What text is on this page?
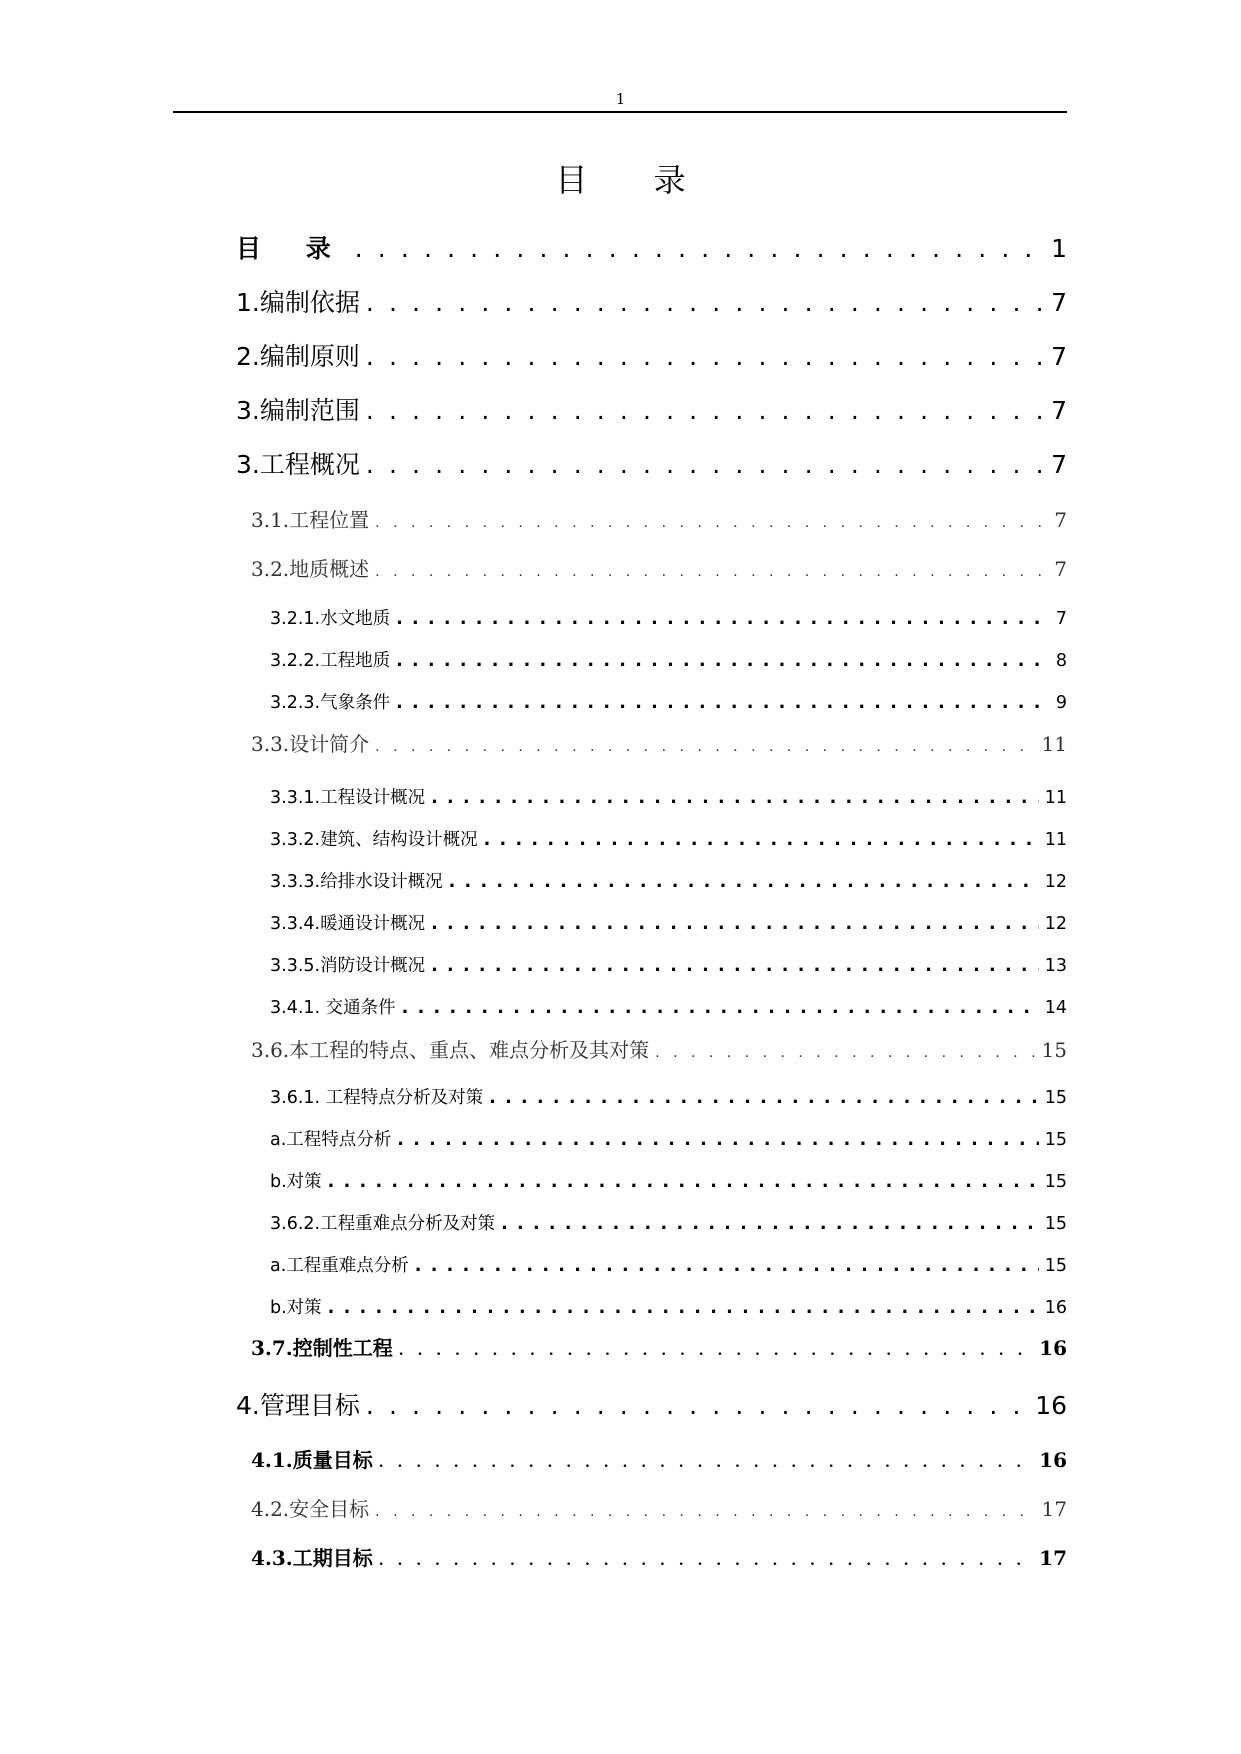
1
目 录
目 录 . . .	1
1.编制依据 . . .	7
2.编制原则 . . .	7
3.编制范围 . . .	7
3.工程概况 . . .	7
3.1.工程位置 . . .	7
3.2.地质概述 . . .	7
3.2.1.水文地质 . . .	7
3.2.2.工程地质 . . .	8
3.2.3.气象条件 . . .	9
3.3.设计简介 . . .	11
3.3.1.工程设计概况 . . .	11
3.3.2.建筑、结构设计概况 . . .	11
3.3.3.给排水设计概况 . . .	12
3.3.4.暖通设计概况 . . .	12
3.3.5.消防设计概况 . . .	13
3.4.1. 交通条件 . . .	14
3.6.本工程的特点、重点、难点分析及其对策 . . .	15
3.6.1. 工程特点分析及对策 . . .	15
a.工程特点分析 . . .	15
b.对策 . . .	15
3.6.2.工程重难点分析及对策 . . .	15
a.工程重难点分析 . . .	15
b.对策 . . .	16
3.7.控制性工程 . . .	16
4.管理目标 . . .	16
4.1.质量目标 . . .	16
4.2.安全目标 . . .	17
4.3.工期目标 . . .	17
